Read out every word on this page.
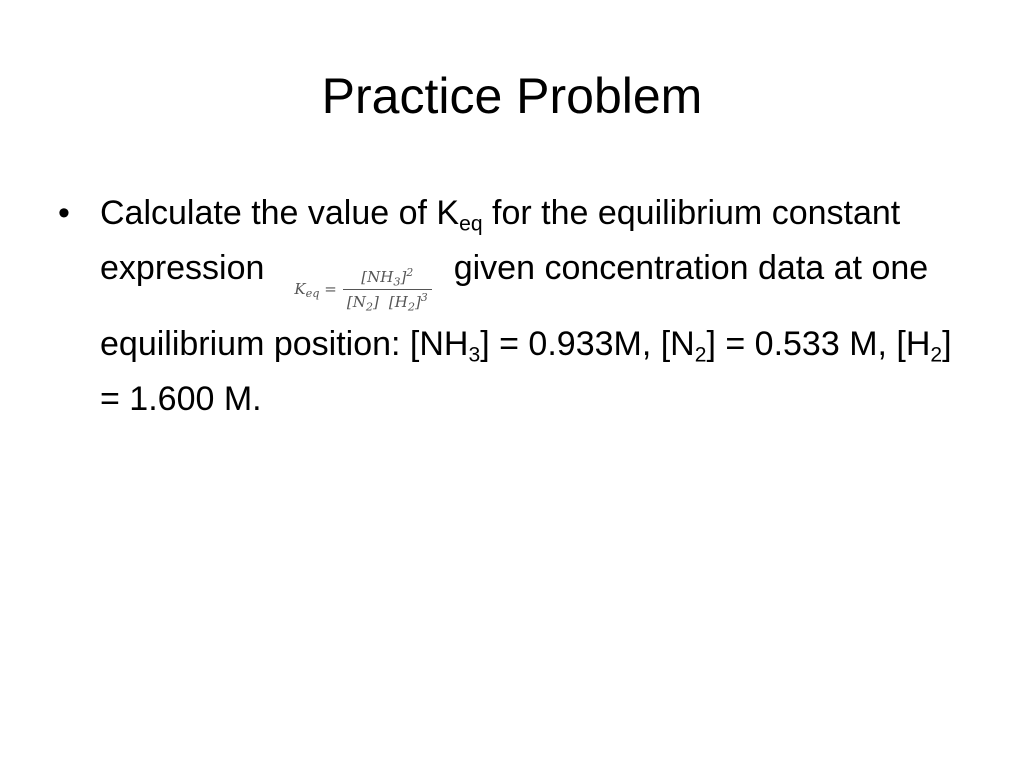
Practice Problem
• Calculate the value of $K_{eq}$ for the equilibrium constant expressionK$_{eq}$ = $\frac{[NH_3]^2}{[N_2] [H_2]^3}$ given concentration data at one equilibrium position: $[NH_3] = 0.933M$, $[N_2] = 0.533$ M, $[H_2] = 1.600$ M.
